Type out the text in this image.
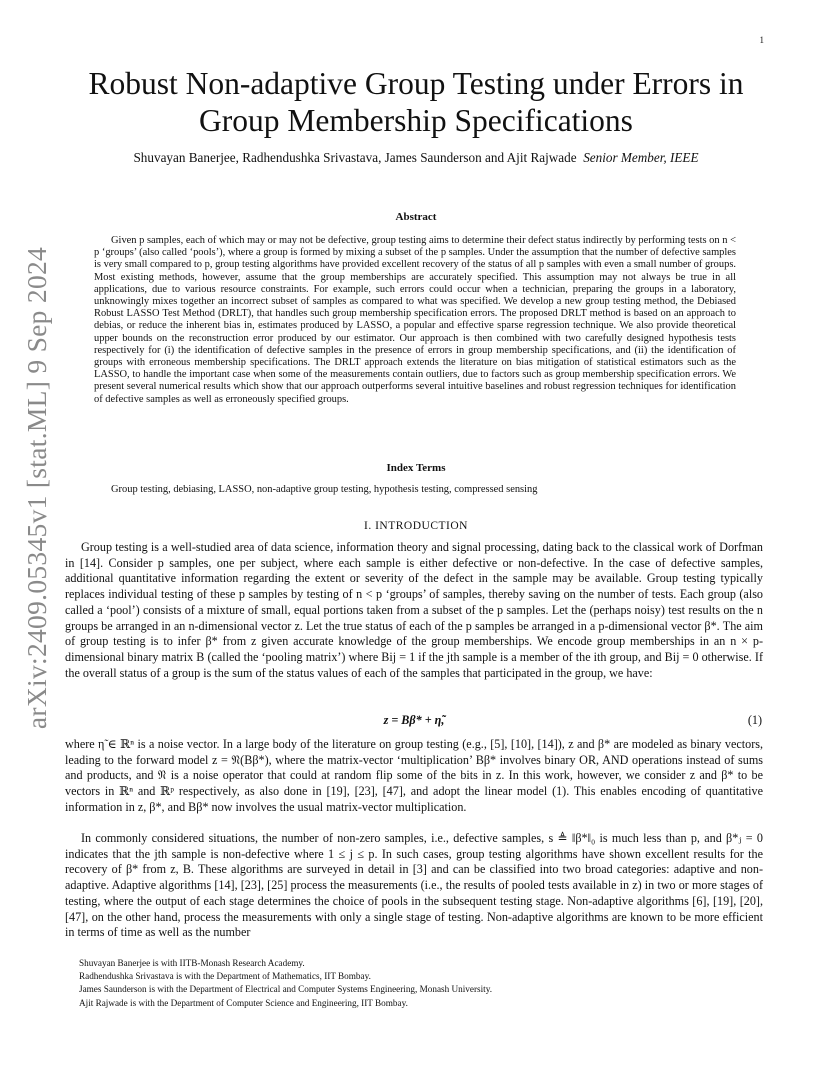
1
arXiv:2409.05345v1 [stat.ML] 9 Sep 2024
Robust Non-adaptive Group Testing under Errors in Group Membership Specifications
Shuvayan Banerjee, Radhendushka Srivastava, James Saunderson and Ajit Rajwade Senior Member, IEEE
Abstract
Given p samples, each of which may or may not be defective, group testing aims to determine their defect status indirectly by performing tests on n < p ‘groups’ (also called ‘pools’), where a group is formed by mixing a subset of the p samples. Under the assumption that the number of defective samples is very small compared to p, group testing algorithms have provided excellent recovery of the status of all p samples with even a small number of groups. Most existing methods, however, assume that the group memberships are accurately specified. This assumption may not always be true in all applications, due to various resource constraints. For example, such errors could occur when a technician, preparing the groups in a laboratory, unknowingly mixes together an incorrect subset of samples as compared to what was specified. We develop a new group testing method, the Debiased Robust LASSO Test Method (DRLT), that handles such group membership specification errors. The proposed DRLT method is based on an approach to debias, or reduce the inherent bias in, estimates produced by LASSO, a popular and effective sparse regression technique. We also provide theoretical upper bounds on the reconstruction error produced by our estimator. Our approach is then combined with two carefully designed hypothesis tests respectively for (i) the identification of defective samples in the presence of errors in group membership specifications, and (ii) the identification of groups with erroneous membership specifications. The DRLT approach extends the literature on bias mitigation of statistical estimators such as the LASSO, to handle the important case when some of the measurements contain outliers, due to factors such as group membership specification errors. We present several numerical results which show that our approach outperforms several intuitive baselines and robust regression techniques for identification of defective samples as well as erroneously specified groups.
Index Terms
Group testing, debiasing, LASSO, non-adaptive group testing, hypothesis testing, compressed sensing
I. INTRODUCTION
Group testing is a well-studied area of data science, information theory and signal processing, dating back to the classical work of Dorfman in [14]. Consider p samples, one per subject, where each sample is either defective or non-defective. In the case of defective samples, additional quantitative information regarding the extent or severity of the defect in the sample may be available. Group testing typically replaces individual testing of these p samples by testing of n < p ‘groups’ of samples, thereby saving on the number of tests. Each group (also called a ‘pool’) consists of a mixture of small, equal portions taken from a subset of the p samples. Let the (perhaps noisy) test results on the n groups be arranged in an n-dimensional vector z. Let the true status of each of the p samples be arranged in a p-dimensional vector β*. The aim of group testing is to infer β* from z given accurate knowledge of the group memberships. We encode group memberships in an n × p-dimensional binary matrix B (called the ‘pooling matrix’) where Bij = 1 if the jth sample is a member of the ith group, and Bij = 0 otherwise. If the overall status of a group is the sum of the status values of each of the samples that participated in the group, we have:
z = Bβ* + η̃,	(1)
where η̃ ∈ ℝⁿ is a noise vector. In a large body of the literature on group testing (e.g., [5], [10], [14]), z and β* are modeled as binary vectors, leading to the forward model z = 𝔑(Bβ*), where the matrix-vector ‘multiplication’ Bβ* involves binary OR, AND operations instead of sums and products, and 𝔑 is a noise operator that could at random flip some of the bits in z. In this work, however, we consider z and β* to be vectors in ℝⁿ and ℝᵖ respectively, as also done in [19], [23], [47], and adopt the linear model (1). This enables encoding of quantitative information in z, β*, and Bβ* now involves the usual matrix-vector multiplication.
In commonly considered situations, the number of non-zero samples, i.e., defective samples, s ≜ ‖β*‖₀ is much less than p, and β*ⱼ = 0 indicates that the jth sample is non-defective where 1 ≤ j ≤ p. In such cases, group testing algorithms have shown excellent results for the recovery of β* from z, B. These algorithms are surveyed in detail in [3] and can be classified into two broad categories: adaptive and non-adaptive. Adaptive algorithms [14], [23], [25] process the measurements (i.e., the results of pooled tests available in z) in two or more stages of testing, where the output of each stage determines the choice of pools in the subsequent testing stage. Non-adaptive algorithms [6], [19], [20], [47], on the other hand, process the measurements with only a single stage of testing. Non-adaptive algorithms are known to be more efficient in terms of time as well as the number
Shuvayan Banerjee is with IITB-Monash Research Academy.
Radhendushka Srivastava is with the Department of Mathematics, IIT Bombay.
James Saunderson is with the Department of Electrical and Computer Systems Engineering, Monash University.
Ajit Rajwade is with the Department of Computer Science and Engineering, IIT Bombay.
